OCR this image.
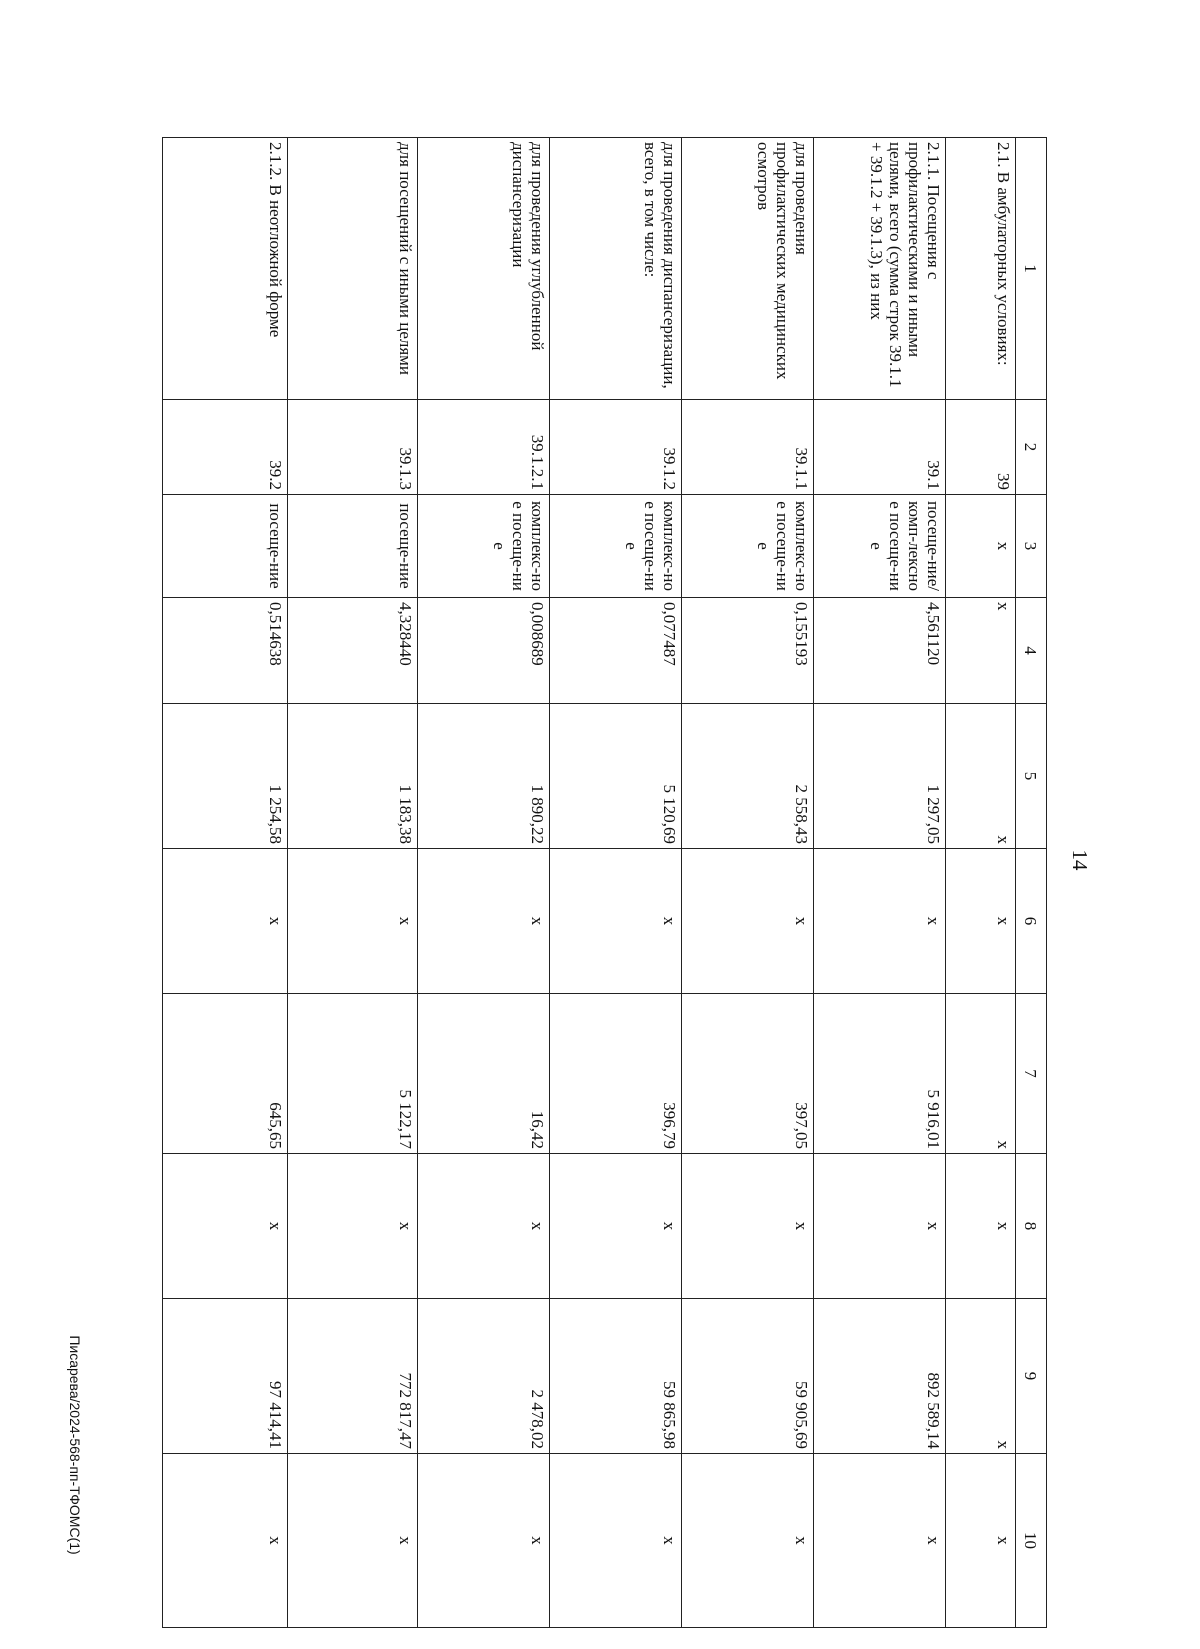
14
1	2	3	4	5	6	7	8	9	10
2.1. В амбулаторных условиях:	39	x	x	x	x	x	x	x	x
2.1.1. Посещения с профилактическими и иными целями, всего (сумма строк 39.1.1 + 39.1.2 + 39.1.3), из них	39.1	посеще-ние/комп-лексное посеще-ние	4,561120	1 297,05	x	5 916,01	x	892 589,14	x
для проведения профилактических медицинских осмотров	39.1.1	комплекс-ное посеще-ние	0,155193	2 558,43	x	397,05	x	59 905,69	x
для проведения диспансеризации, всего, в том числе:	39.1.2	комплекс-ное посеще-ние	0,077487	5 120,69	x	396,79	x	59 865,98	x
для проведения углубленной диспансеризации	39.1.2.1	комплекс-ное посеще-ние	0,008689	1 890,22	x	16,42	x	2 478,02	x
для посещений с иными целями	39.1.3	посеще-ние	4,328440	1 183,38	x	5 122,17	x	772 817,47	x
2.1.2. В неотложной форме	39.2	посеще-ние	0,514638	1 254,58	x	645,65	x	97 414,41	x
Писарева/2024-568-пп-ТФОМС(1)
